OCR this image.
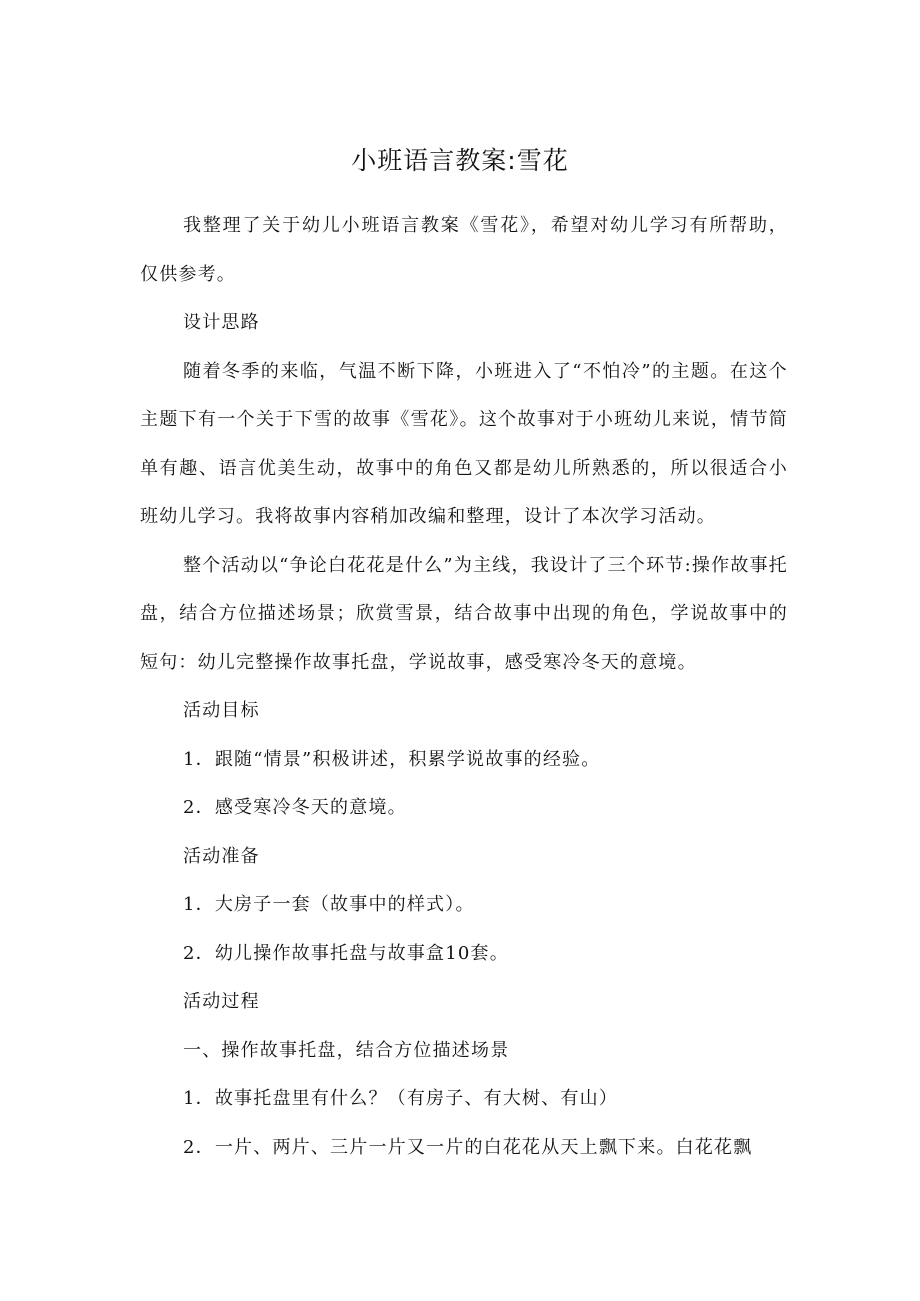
小班语言教案:雪花

我整理了关于幼儿小班语言教案《雪花》，希望对幼儿学习有所帮助，仅供参考。

设计思路

随着冬季的来临，气温不断下降，小班进入了“不怕冷”的主题。在这个主题下有一个关于下雪的故事《雪花》。这个故事对于小班幼儿来说，情节简单有趣、语言优美生动，故事中的角色又都是幼儿所熟悉的，所以很适合小班幼儿学习。我将故事内容稍加改编和整理，设计了本次学习活动。

整个活动以“争论白花花是什么”为主线，我设计了三个环节:操作故事托盘，结合方位描述场景；欣赏雪景，结合故事中出现的角色，学说故事中的短句：幼儿完整操作故事托盘，学说故事，感受寒冷冬天的意境。

活动目标

1．跟随“情景”积极讲述，积累学说故事的经验。

2．感受寒冷冬天的意境。

活动准备

1．大房子一套（故事中的样式）。

2．幼儿操作故事托盘与故事盒10套。

活动过程

一、操作故事托盘，结合方位描述场景

1．故事托盘里有什么？（有房子、有大树、有山）

2．一片、两片、三片一片又一片的白花花从天上飘下来。白花花飘
